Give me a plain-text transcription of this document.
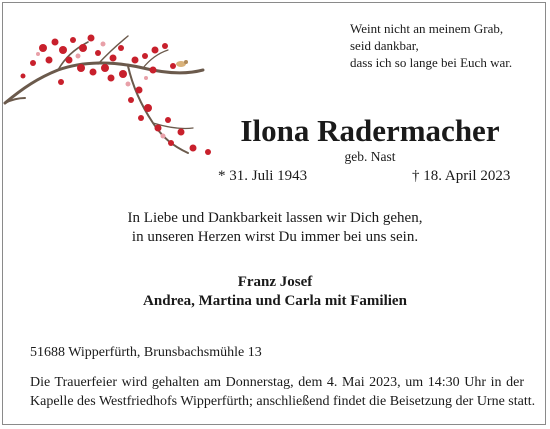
Weint nicht an meinem Grab,
seid dankbar,
dass ich so lange bei Euch war.
Ilona Radermacher
geb. Nast
* 31. Juli 1943	† 18. April 2023
In Liebe und Dankbarkeit lassen wir Dich gehen,
in unseren Herzen wirst Du immer bei uns sein.
Franz Josef
Andrea, Martina und Carla mit Familien
51688 Wipperfürth, Brunsbachsmühle 13
Die Trauerfeier wird gehalten am Donnerstag, dem 4. Mai 2023, um 14:30 Uhr in der
Kapelle des Westfriedhofs Wipperfürth; anschließend findet die Beisetzung der Urne statt.
